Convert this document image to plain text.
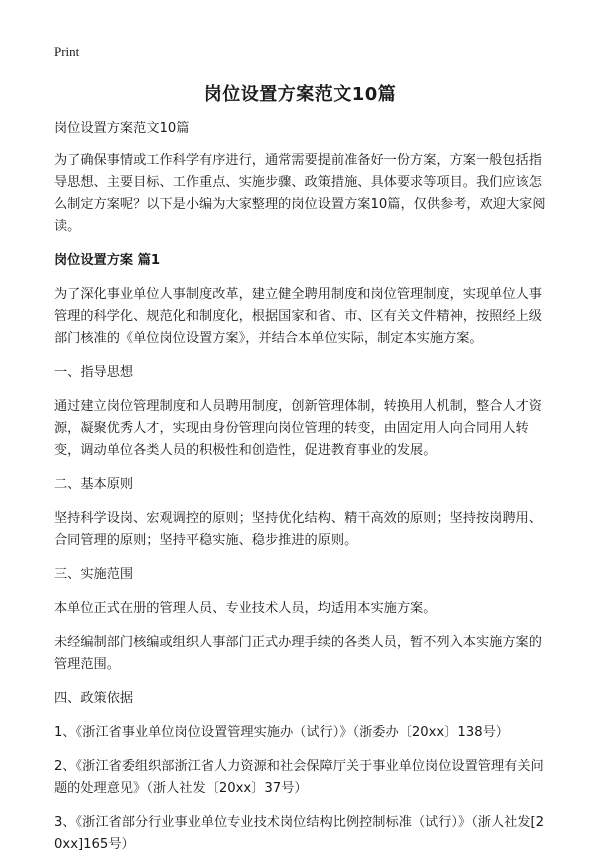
Print
岗位设置方案范文10篇

岗位设置方案范文10篇

为了确保事情或工作科学有序进行，通常需要提前准备好一份方案，方案一般包括指导思想、主要目标、工作重点、实施步骤、政策措施、具体要求等项目。我们应该怎么制定方案呢？以下是小编为大家整理的岗位设置方案10篇，仅供参考，欢迎大家阅读。

岗位设置方案 篇1

为了深化事业单位人事制度改革，建立健全聘用制度和岗位管理制度，实现单位人事管理的科学化、规范化和制度化，根据国家和省、市、区有关文件精神，按照经上级部门核准的《单位岗位设置方案》，并结合本单位实际，制定本实施方案。

一、指导思想

通过建立岗位管理制度和人员聘用制度，创新管理体制，转换用人机制，整合人才资源，凝聚优秀人才，实现由身份管理向岗位管理的转变，由固定用人向合同用人转变，调动单位各类人员的积极性和创造性，促进教育事业的发展。

二、基本原则

坚持科学设岗、宏观调控的原则；坚持优化结构、精干高效的原则；坚持按岗聘用、合同管理的原则；坚持平稳实施、稳步推进的原则。

三、实施范围

本单位正式在册的管理人员、专业技术人员，均适用本实施方案。

未经编制部门核编或组织人事部门正式办理手续的各类人员，暂不列入本实施方案的管理范围。

四、政策依据

1、《浙江省事业单位岗位设置管理实施办（试行）》（浙委办〔20xx〕138号）

2、《浙江省委组织部浙江省人力资源和社会保障厅关于事业单位岗位设置管理有关问题的处理意见》（浙人社发〔20xx〕37号）

3、《浙江省部分行业事业单位专业技术岗位结构比例控制标准（试行）》（浙人社发[20xx]165号）
